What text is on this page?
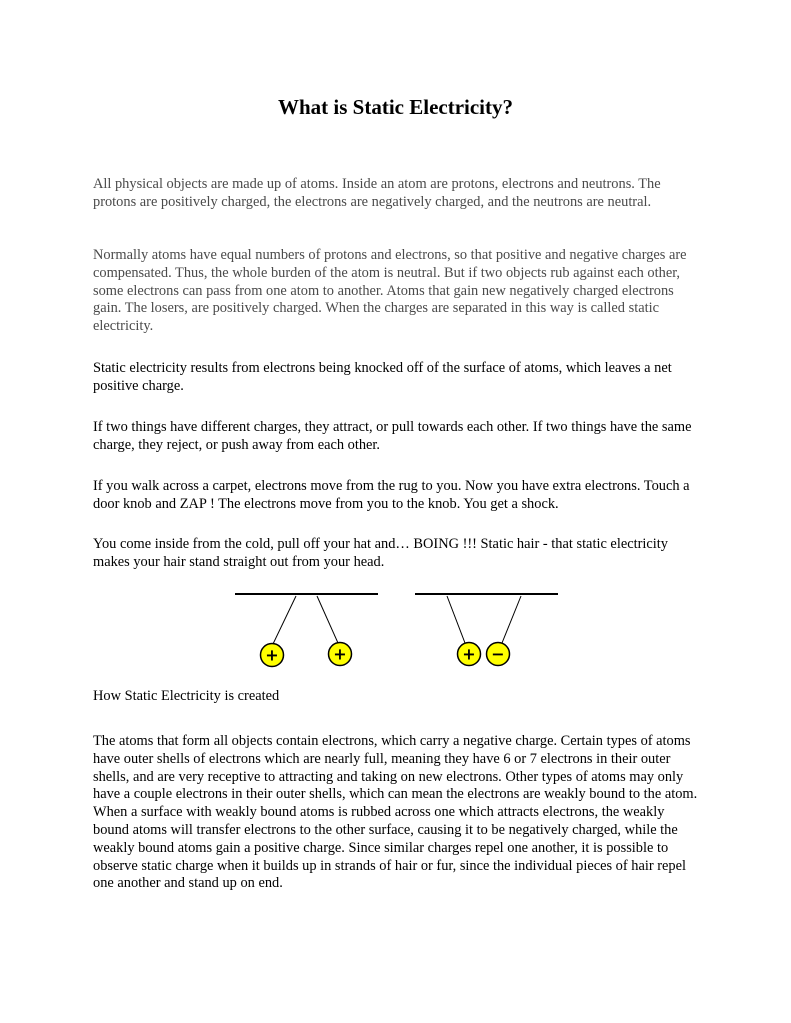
What is Static Electricity?

All physical objects are made up of atoms. Inside an atom are protons, electrons and neutrons. The protons are positively charged, the electrons are negatively charged, and the neutrons are neutral.

Normally atoms have equal numbers of protons and electrons, so that positive and negative charges are compensated. Thus, the whole burden of the atom is neutral. But if two objects rub against each other, some electrons can pass from one atom to another. Atoms that gain new negatively charged electrons gain. The losers, are positively charged. When the charges are separated in this way is called static electricity.

Static electricity results from electrons being knocked off of the surface of atoms, which leaves a net positive charge.

If two things have different charges, they attract, or pull towards each other. If two things have the same charge, they reject, or push away from each other.

If you walk across a carpet, electrons move from the rug to you. Now you have extra electrons. Touch a door knob and ZAP ! The electrons move from you to the knob. You get a shock.

You come inside from the cold, pull off your hat and… BOING !!! Static hair - that static electricity makes your hair stand straight out from your head.

+	+	+ −

How Static Electricity is created

The atoms that form all objects contain electrons, which carry a negative charge. Certain types of atoms have outer shells of electrons which are nearly full, meaning they have 6 or 7 electrons in their outer shells, and are very receptive to attracting and taking on new electrons. Other types of atoms may only have a couple electrons in their outer shells, which can mean the electrons are weakly bound to the atom. When a surface with weakly bound atoms is rubbed across one which attracts electrons, the weakly bound atoms will transfer electrons to the other surface, causing it to be negatively charged, while the weakly bound atoms gain a positive charge. Since similar charges repel one another, it is possible to observe static charge when it builds up in strands of hair or fur, since the individual pieces of hair repel one another and stand up on end.
